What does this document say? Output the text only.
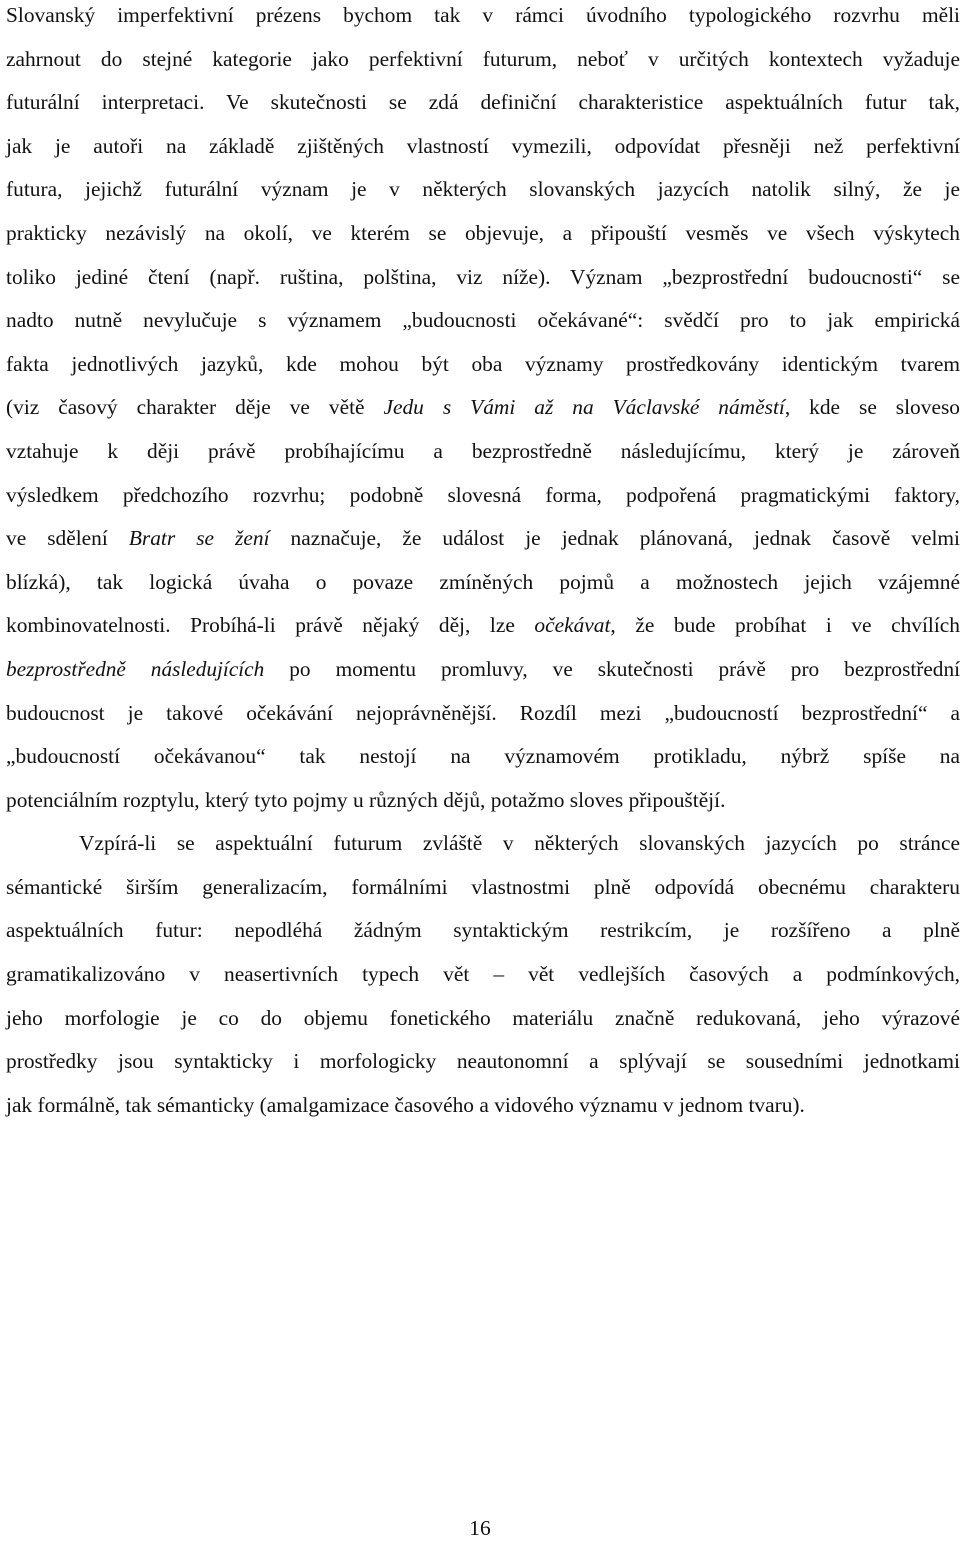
Slovanský imperfektivní prézens bychom tak v rámci úvodního typologického rozvrhu měli
zahrnout do stejné kategorie jako perfektivní futurum, neboť v určitých kontextech vyžaduje
futurální interpretaci. Ve skutečnosti se zdá definiční charakteristice aspektuálních futur tak,
jak je autoři na základě zjištěných vlastností vymezili, odpovídat přesněji než perfektivní
futura, jejichž futurální význam je v některých slovanských jazycích natolik silný, že je
prakticky nezávislý na okolí, ve kterém se objevuje, a připouští vesměs ve všech výskytech
toliko jediné čtení (např. ruština, polština, viz níže). Význam „bezprostřední budoucnosti“ se
nadto nutně nevylučuje s významem „budoucnosti očekávané“: svědčí pro to jak empirická
fakta jednotlivých jazyků, kde mohou být oba významy prostředkovány identickým tvarem
(viz časový charakter děje ve větě Jedu s Vámi až na Václavské náměstí, kde se sloveso
vztahuje k ději právě probíhajícímu a bezprostředně následujícímu, který je zároveň
výsledkem předchozího rozvrhu; podobně slovesná forma, podpořená pragmatickými faktory,
ve sdělení Bratr se žení naznačuje, že událost je jednak plánovaná, jednak časově velmi
blízká), tak logická úvaha o povaze zmíněných pojmů a možnostech jejich vzájemné
kombinovatelnosti. Probíhá-li právě nějaký děj, lze očekávat, že bude probíhat i ve chvílích
bezprostředně následujících po momentu promluvy, ve skutečnosti právě pro bezprostřední
budoucnost je takové očekávání nejoprávněnější. Rozdíl mezi „budoucností bezprostřední“ a
„budoucností očekávanou“ tak nestojí na významovém protikladu, nýbrž spíše na
potenciálním rozptylu, který tyto pojmy u různých dějů, potažmo sloves připouštějí.
Vzpírá-li se aspektuální futurum zvláště v některých slovanských jazycích po stránce
sémantické širším generalizacím, formálními vlastnostmi plně odpovídá obecnému charakteru
aspektuálních futur: nepodléhá žádným syntaktickým restrikcím, je rozšířeno a plně
gramatikalizováno v neasertivních typech vět – vět vedlejších časových a podmínkových,
jeho morfologie je co do objemu fonetického materiálu značně redukovaná, jeho výrazové
prostředky jsou syntakticky i morfologicky neautonomní a splývají se sousedními jednotkami
jak formálně, tak sémanticky (amalgamizace časového a vidového významu v jednom tvaru).
16
